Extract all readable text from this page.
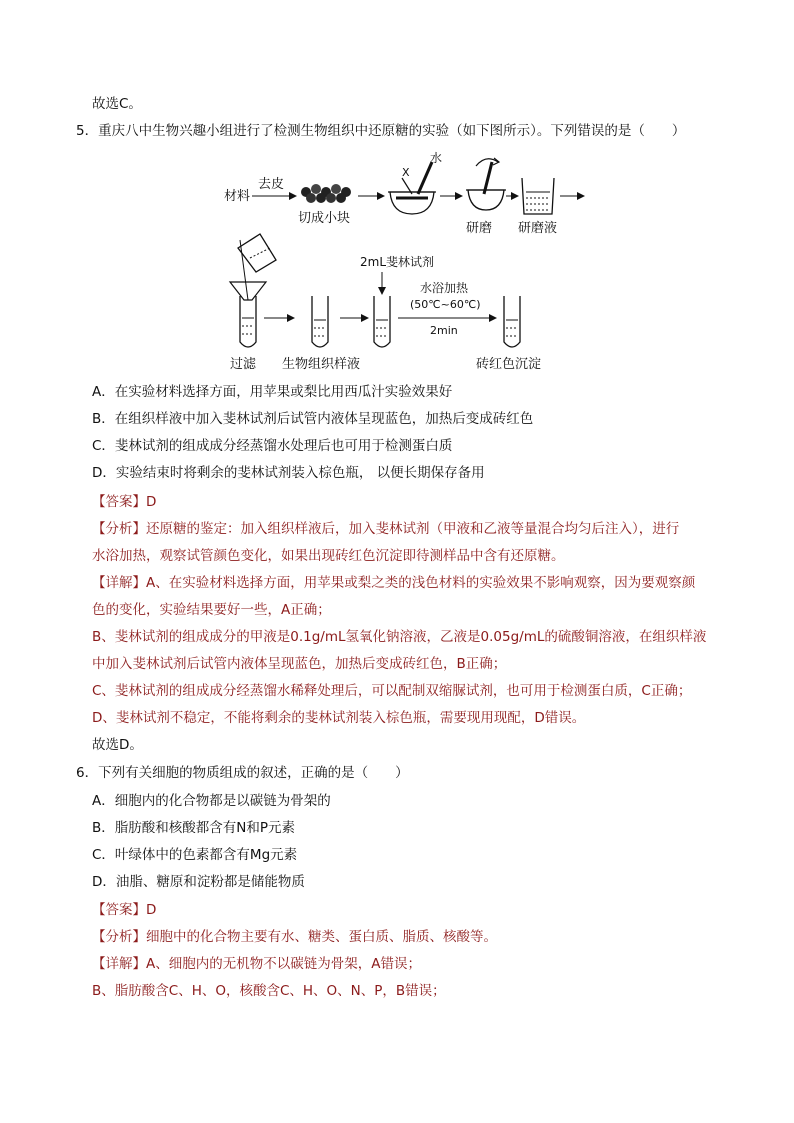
故选C。
5．重庆八中生物兴趣小组进行了检测生物组织中还原糖的实验（如下图所示）。下列错误的是（　　）
材料
去皮
切成小块
X
水
研磨 研磨液
过滤 生物组织样液
2mL斐林试剂
水浴加热
(50℃~60℃)
2min
砖红色沉淀
A．在实验材料选择方面，用苹果或梨比用西瓜汁实验效果好
B．在组织样液中加入斐林试剂后试管内液体呈现蓝色，加热后变成砖红色
C．斐林试剂的组成成分经蒸馏水处理后也可用于检测蛋白质
D．实验结束时将剩余的斐林试剂装入棕色瓶， 以便长期保存备用
【答案】D
【分析】还原糖的鉴定：加入组织样液后，加入斐林试剂（甲液和乙液等量混合均匀后注入），进行
水浴加热，观察试管颜色变化，如果出现砖红色沉淀即待测样品中含有还原糖。
【详解】A、在实验材料选择方面，用苹果或梨之类的浅色材料的实验效果不影响观察，因为要观察颜
色的变化，实验结果要好一些，A正确；
B、斐林试剂的组成成分的甲液是0.1g/mL氢氧化钠溶液，乙液是0.05g/mL的硫酸铜溶液，在组织样液
中加入斐林试剂后试管内液体呈现蓝色，加热后变成砖红色，B正确；
C、斐林试剂的组成成分经蒸馏水稀释处理后，可以配制双缩脲试剂，也可用于检测蛋白质，C正确；
D、斐林试剂不稳定，不能将剩余的斐林试剂装入棕色瓶，需要现用现配，D错误。
故选D。
6．下列有关细胞的物质组成的叙述，正确的是（　　）
A．细胞内的化合物都是以碳链为骨架的
B．脂肪酸和核酸都含有N和P元素
C．叶绿体中的色素都含有Mg元素
D．油脂、糖原和淀粉都是储能物质
【答案】D
【分析】细胞中的化合物主要有水、糖类、蛋白质、脂质、核酸等。
【详解】A、细胞内的无机物不以碳链为骨架，A错误；
B、脂肪酸含C、H、O，核酸含C、H、O、N、P，B错误；
